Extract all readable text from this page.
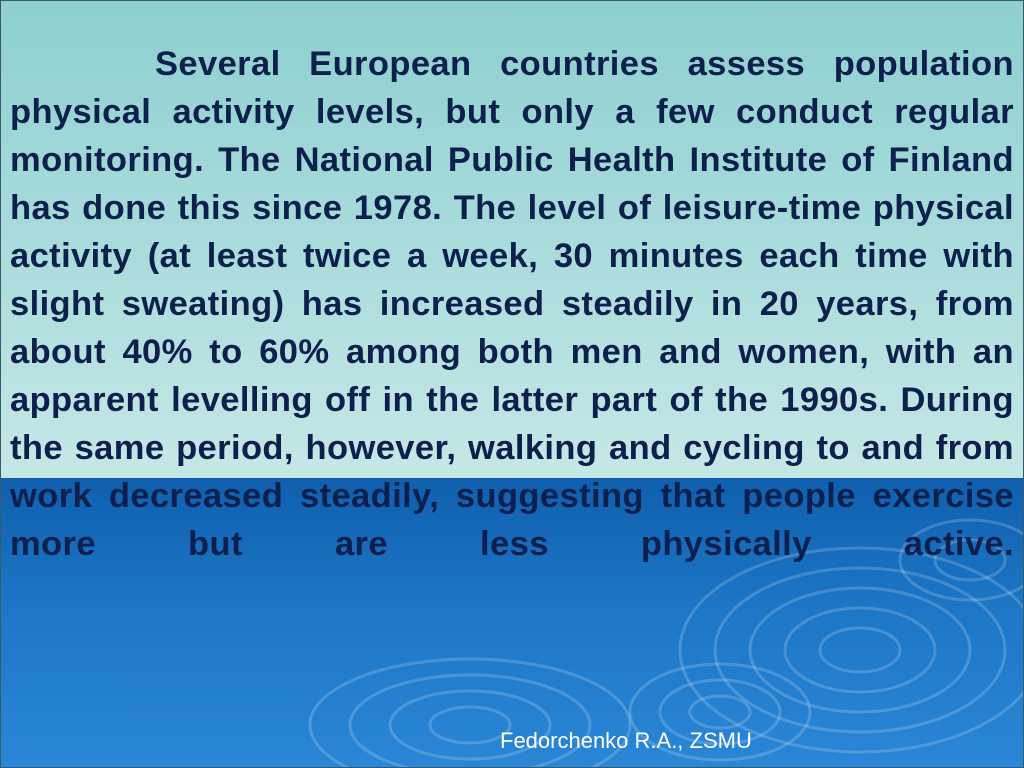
Several European countries assess population physical activity levels, but only a few conduct regular monitoring. The National Public Health Institute of Finland has done this since 1978. The level of leisure-time physical activity (at least twice a week, 30 minutes each time with slight sweating) has increased steadily in 20 years, from about 40% to 60% among both men and women, with an apparent levelling off in the latter part of the 1990s. During the same period, however, walking and cycling to and from work decreased steadily, suggesting that people exercise more but are less physically active.

Fedorchenko R.A., ZSMU
